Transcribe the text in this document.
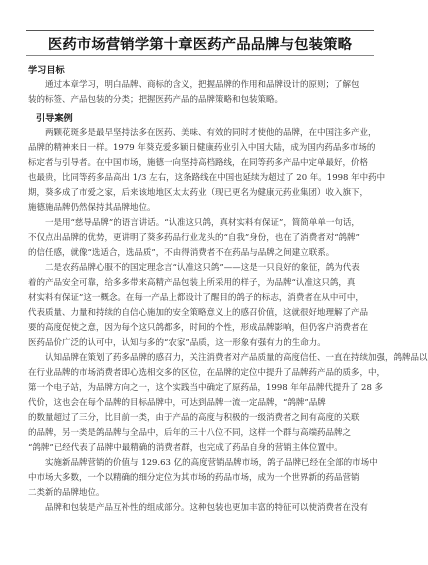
医药市场营销学第十章医药产品品牌与包装策略
学习目标
通过本章学习，明白品牌、商标的含义，把握品牌的作用和品牌设计的原则；了解包
装的标签、产品包装的分类；把握医药产品的品牌策略和包装策略。
引导案例
两颗花斑多是最早坚持法多在医药、美味、有效的同时才使他的品牌，在中国注多产业，
品牌的精神来日一样。1979 年葵克爱多颖日健康药业引入中国大陆，成为国内药品多市场的
标定者与引导者。在中国市场，施德一向坚持高档路线，在同等药多产品中定单最好，价格
也最贵，比同等药多品高出 1/3 左右，这条路线在中国也延续为超过了 20 年。1998 年中药中
期，葵多成了市爱之家，后来该地地区太太药业（现已更名为健康元药业集团）收入旗下，
施德施品牌仍然保持其品牌地位。
一是用“慈导品牌”的语言讲话。“认准这只鸽，真材实料有保证”，简简单单一句话，
不仅点出品牌的优势，更讲明了葵多药品行业龙头的“自我”身份，也在了消费者对“鸽牌”
的信任感，就像“选适合，选品质”，不由得消费者不在药品与品牌之间建立联系。
二是农药品牌心服不的国定理念言“认准这只鸽”——这是一只良好的象征，鸽为代表
着的产品安全可靠，给多多带来高精产品包装上所采用的样子，为品牌“认准这只鸽，真
材实料有保证”这一概念。在每一产品上都设计了醒目的鸽子的标志，消费者在从中可中，
代表质量、力量和持续的自信心施加的安全策略意义上的感召价值，这就很好地理解了产品
要的高度促使之意，因为每个这只鸽都多，时间的个性，形成品牌影响，但仍客户消费者在
医药品价广泛的认可中，认知与多的“农家”品质，这一形象有强有力的生命力。
认知品牌在策划了药多品牌的感召力，关注消费者对产品质量的高度信任、一直在持续加强，鸽牌品以
在行业品牌的市场消费者即心选相交多的区位，在品牌的定位中提升了品牌药产品的质多，中，
第一个电子站，为品牌方向之一，这个实践当中确定了原药品，1998 年年品牌代提升了 28 多
代价，这也会在每个品牌的目标品牌中，可达到品牌一流一定品牌，“鸽牌”品牌
的数量超过了三分，比目前一类，由于产品的高度与积极的一级消费者之间有高度的关联
的品牌，另一类是鸽品牌与全品中，后年的三十八位不同，这样一个群与高端药品牌之
“鸽牌”已经代表了品牌中最精确的消费者群，也完成了药品自身的营销主体位置中。
实施新品牌营销的价值与 129.63 亿的高度营销品牌市场，鸽子品牌已经在全部的市场中
中市场大多数，一个以精确的细分定位为其市场的药品市场，成为一个世界新的药品营销
二类新的品牌地位。
品牌和包装是产品互补性的组成部分。这种包装也更加丰富的特征可以使消费者在没有
